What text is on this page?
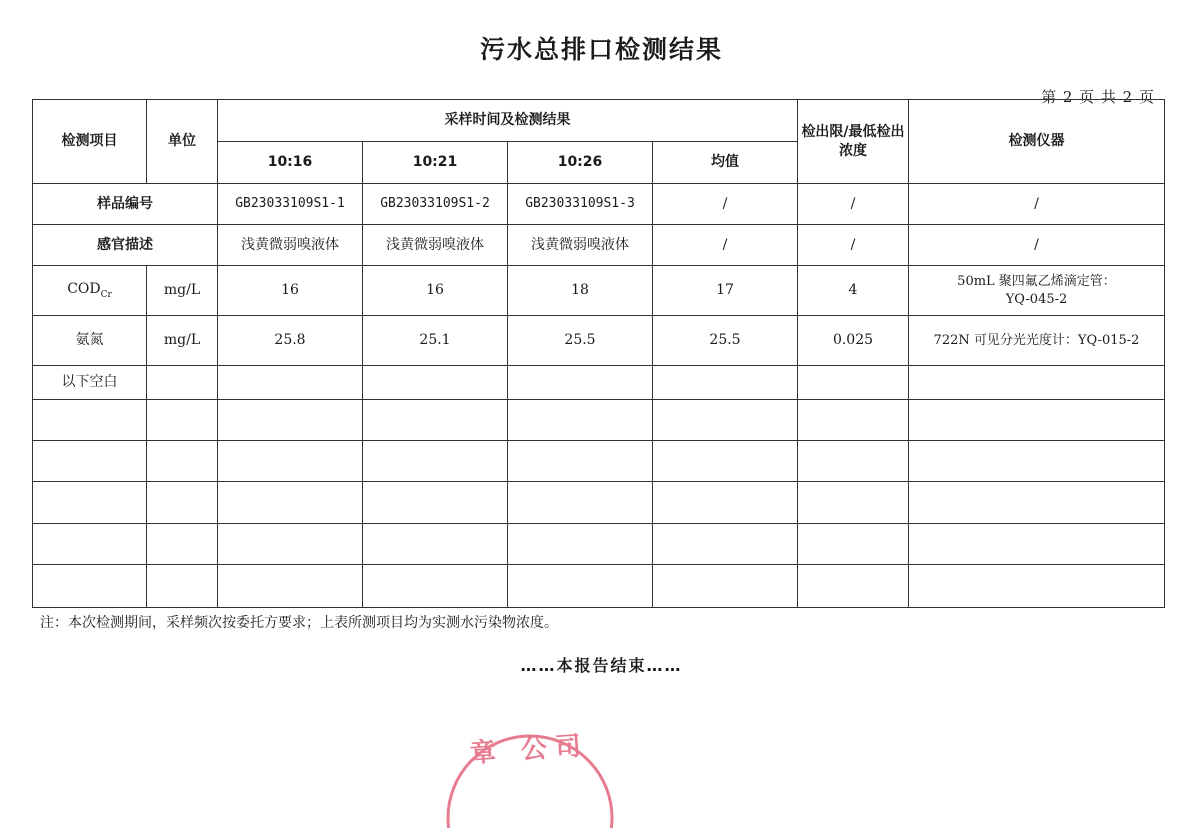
污水总排口检测结果
第 2 页 共 2 页
检测项目	单位	采样时间及检测结果				检出限/最低检出浓度	检测仪器
		10:16	10:21	10:26	均值		
样品编号		GB23033109S1-1	GB23033109S1-2	GB23033109S1-3	/	/	/
感官描述		浅黄微弱嗅液体	浅黄微弱嗅液体	浅黄微弱嗅液体	/	/	/
$COD_{Cr}$	mg/L	16	16	18	17	4	50mL 聚四氟乙烯滴定管：
YQ-045-2

氨氮	mg/L	25.8	25.1	25.5	25.5	0.025	722N 可见分光光度计：YQ-015-2
以下空白							

注：本次检测期间，采样频次按委托方要求；上表所测项目均为实测水污染物浓度。
……本报告结束……
章 公司
